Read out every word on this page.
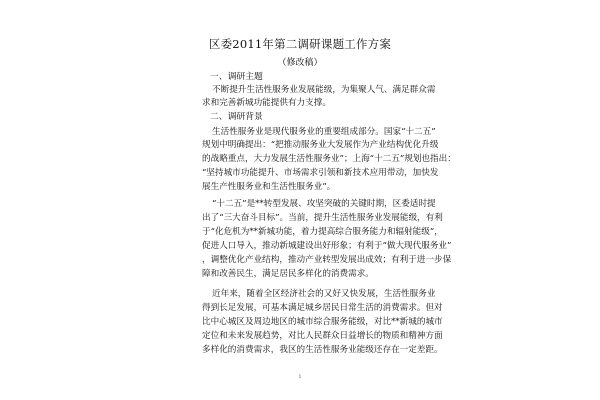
区委2011年第二调研课题工作方案
（修改稿）
一、调研主题
不断提升生活性服务业发展能级，为集聚人气、满足群众需
求和完善新城功能提供有力支撑。
二、调研背景
生活性服务业是现代服务业的重要组成部分。国家“十二五”
规划中明确提出：“把推动服务业大发展作为产业结构优化升级
的战略重点，大力发展生活性服务业”；上海“十二五”规划也指出：
“坚持城市功能提升、市场需求引领和新技术应用带动，加快发
展生产性服务业和生活性服务业”。
“十二五”是**转型发展、攻坚突破的关键时期，区委适时提
出了“三大奋斗目标”。当前，提升生活性服务业发展能级，有利
于“化危机为**新城功能，着力提高综合服务能力和辐射能级”，
促进人口导入，推动新城建设出好形象；有利于“做大现代服务业”
，调整优化产业结构，推动产业转型发展出成效；有利于进一步保
障和改善民生，满足居民多样化的消费需求。
近年来，随着全区经济社会的又好又快发展，生活性服务业
得到长足发展，可基本满足城乡居民日常生活的消费需求。但对
比中心城区及周边地区的城市综合服务能级，对比**新城的城市
定位和未来发展趋势，对比人民群众日益增长的物质和精神方面
多样化的消费需求，我区的生活性服务业能级还存在一定差距。
1
